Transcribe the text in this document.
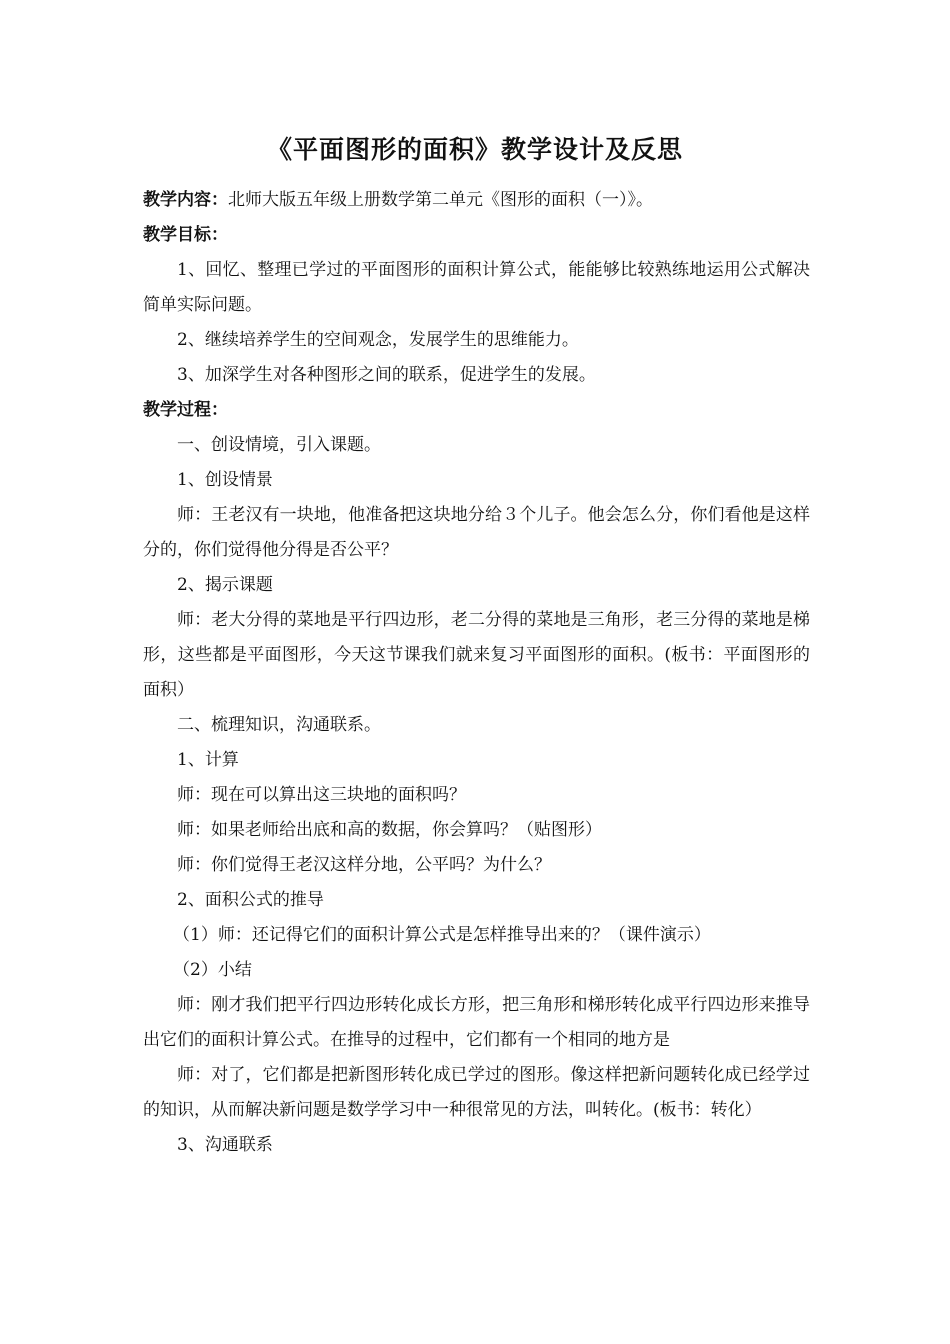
《平面图形的面积》教学设计及反思

教学内容：北师大版五年级上册数学第二单元《图形的面积（一）》。

教学目标：

1、回忆、整理已学过的平面图形的面积计算公式，能能够比较熟练地运用公式解决简单实际问题。

2、继续培养学生的空间观念，发展学生的思维能力。

3、加深学生对各种图形之间的联系，促进学生的发展。

教学过程：

一、创设情境，引入课题。

1、创设情景

师：王老汉有一块地，他准备把这块地分给３个儿子。他会怎么分，你们看他是这样分的，你们觉得他分得是否公平？

2、揭示课题

师：老大分得的菜地是平行四边形，老二分得的菜地是三角形，老三分得的菜地是梯形，这些都是平面图形，今天这节课我们就来复习平面图形的面积。(板书：平面图形的面积）

二、梳理知识，沟通联系。

1、计算

师：现在可以算出这三块地的面积吗？

师：如果老师给出底和高的数据，你会算吗？（贴图形）

师：你们觉得王老汉这样分地，公平吗？为什么？

2、面积公式的推导

（1）师：还记得它们的面积计算公式是怎样推导出来的？（课件演示）

（2）小结

师：刚才我们把平行四边形转化成长方形，把三角形和梯形转化成平行四边形来推导出它们的面积计算公式。在推导的过程中，它们都有一个相同的地方是

师：对了，它们都是把新图形转化成已学过的图形。像这样把新问题转化成已经学过的知识，从而解决新问题是数学学习中一种很常见的方法，叫转化。(板书：转化）

3、沟通联系
